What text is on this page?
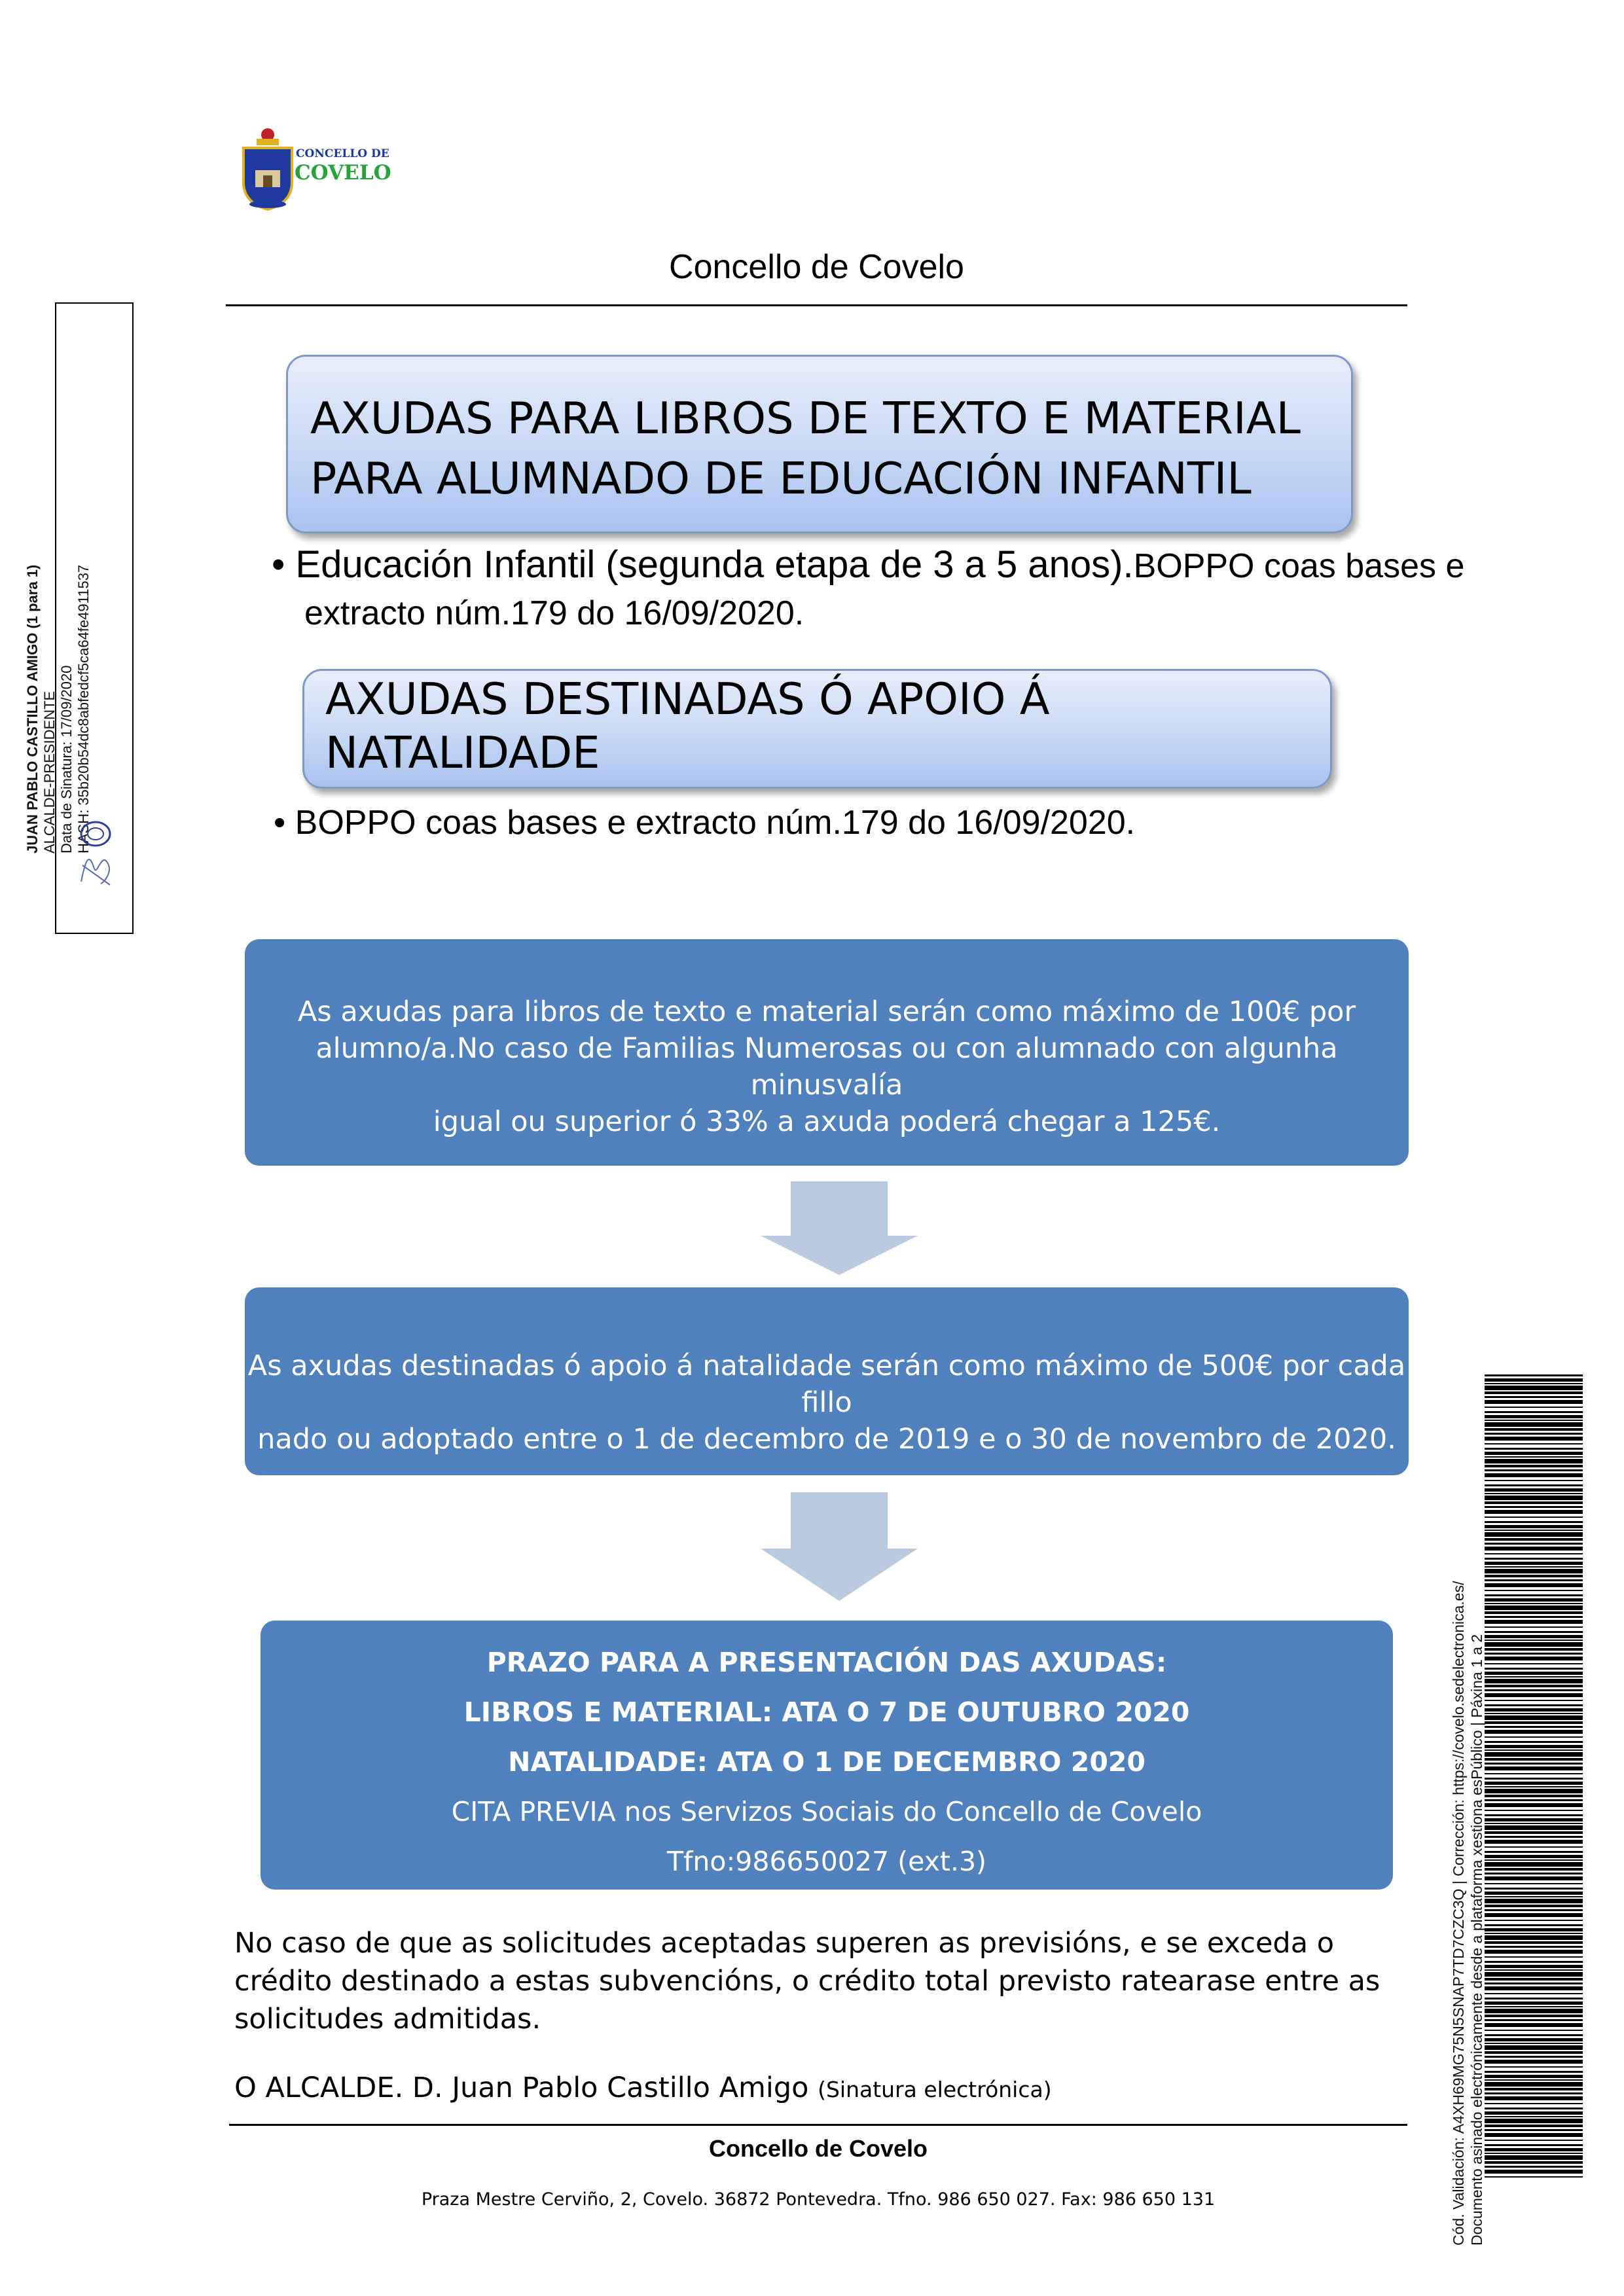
CONCELLO DE
COVELO
Concello de Covelo
JUAN PABLO CASTILLO AMIGO (1 para 1) ALCALDE-PRESIDENTE Data de Sinatura: 17/09/2020 HASH: 35b20b54dc8abfedcf5ca64fe4911537
AXUDAS PARA LIBROS DE TEXTO E MATERIAL
PARA ALUMNADO DE EDUCACIÓN INFANTIL
• Educación Infantil (segunda etapa de 3 a 5 anos).BOPPO coas bases e
extracto núm.179 do 16/09/2020.
AXUDAS DESTINADAS Ó APOIO Á
NATALIDADE
• BOPPO coas bases e extracto núm.179 do 16/09/2020.
As axudas para libros de texto e material serán como máximo de 100€ por
alumno/a.No caso de Familias Numerosas ou con alumnado con algunha minusvalía
igual ou superior ó 33% a axuda poderá chegar a 125€.
As axudas destinadas ó apoio á natalidade serán como máximo de 500€ por cada fillo
nado ou adoptado entre o 1 de decembro de 2019 e o 30 de novembro de 2020.
PRAZO PARA A PRESENTACIÓN DAS AXUDAS:
LIBROS E MATERIAL: ATA O 7 DE OUTUBRO 2020
NATALIDADE: ATA O 1 DE DECEMBRO 2020
CITA PREVIA nos Servizos Sociais do Concello de Covelo
Tfno:986650027 (ext.3)
No caso de que as solicitudes aceptadas superen as previsións, e se exceda o
crédito destinado a estas subvencións, o crédito total previsto ratearase entre as
solicitudes admitidas.
O ALCALDE. D. Juan Pablo Castillo Amigo (Sinatura electrónica)
Concello de Covelo
Praza Mestre Cerviño, 2, Covelo. 36872 Pontevedra. Tfno. 986 650 027. Fax: 986 650 131	Cód. Validación: A4XH69MG75N5SNAP7TD7CZC3Q | Corrección: https://covelo.sedelectronica.es/ Documento asinado electrónicamente desde a plataforma xestiona esPúblico | Páxina 1 a 2
